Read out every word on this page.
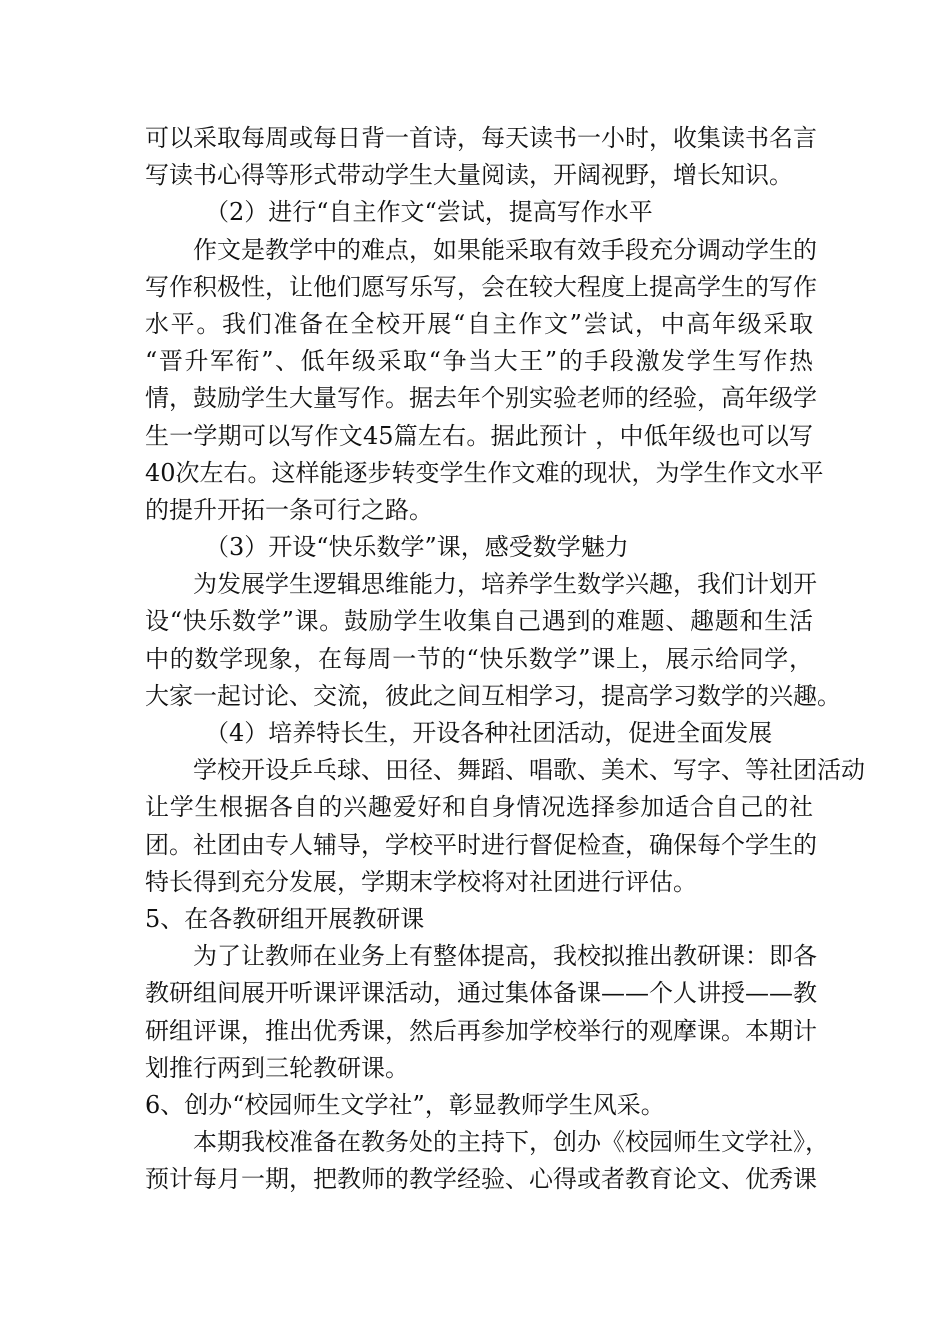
可以采取每周或每日背一首诗，每天读书一小时，收集读书名言
写读书心得等形式带动学生大量阅读，开阔视野，增长知识。
（2）进行“自主作文“尝试，提高写作水平
作文是教学中的难点，如果能采取有效手段充分调动学生的
写作积极性，让他们愿写乐写，会在较大程度上提高学生的写作
水平。我们准备在全校开展“自主作文”尝试，中高年级采取
“晋升军衔”、低年级采取“争当大王”的手段激发学生写作热
情，鼓励学生大量写作。据去年个别实验老师的经验，高年级学
生一学期可以写作文45篇左右。据此预计 ，中低年级也可以写
40次左右。这样能逐步转变学生作文难的现状，为学生作文水平
的提升开拓一条可行之路。
（3）开设“快乐数学”课，感受数学魅力
为发展学生逻辑思维能力，培养学生数学兴趣，我们计划开
设“快乐数学”课。鼓励学生收集自己遇到的难题、趣题和生活
中的数学现象，在每周一节的“快乐数学”课上，展示给同学，
大家一起讨论、交流，彼此之间互相学习，提高学习数学的兴趣。
（4）培养特长生，开设各种社团活动，促进全面发展
学校开设乒乓球、田径、舞蹈、唱歌、美术、写字、等社团活动
让学生根据各自的兴趣爱好和自身情况选择参加适合自己的社
团。社团由专人辅导，学校平时进行督促检查，确保每个学生的
特长得到充分发展，学期末学校将对社团进行评估。
5、在各教研组开展教研课
为了让教师在业务上有整体提高，我校拟推出教研课：即各
教研组间展开听课评课活动，通过集体备课——个人讲授——教
研组评课，推出优秀课，然后再参加学校举行的观摩课。本期计
划推行两到三轮教研课。
6、创办“校园师生文学社”，彰显教师学生风采。
本期我校准备在教务处的主持下，创办《校园师生文学社》，
预计每月一期，把教师的教学经验、心得或者教育论文、优秀课
